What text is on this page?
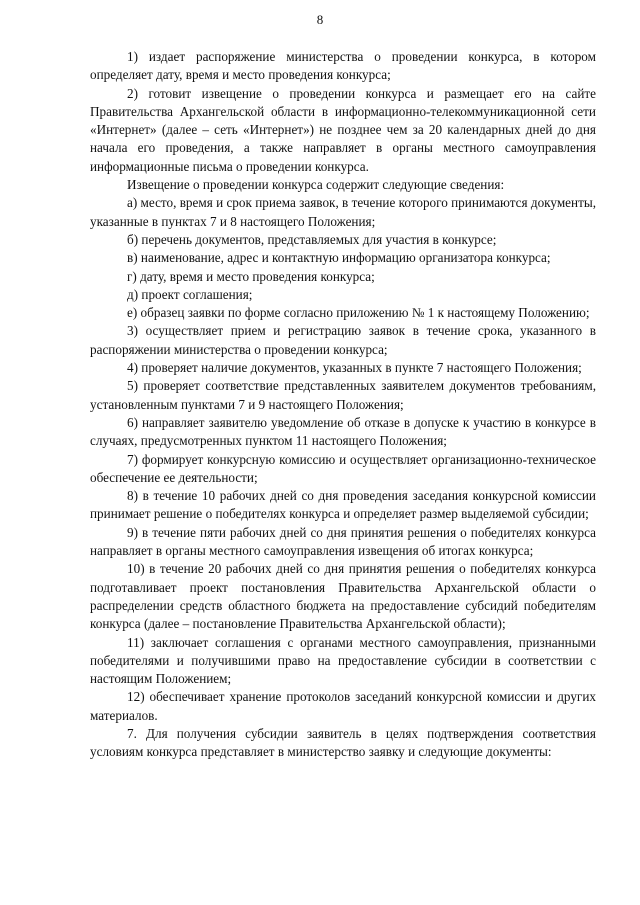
8

1) издает распоряжение министерства о проведении конкурса, в котором определяет дату, время и место проведения конкурса;

2) готовит извещение о проведении конкурса и размещает его на сайте Правительства Архангельской области в информационно-телекоммуникационной сети «Интернет» (далее – сеть «Интернет») не позднее чем за 20 календарных дней до дня начала его проведения, а также направляет в органы местного самоуправления информационные письма о проведении конкурса.

Извещение о проведении конкурса содержит следующие сведения:

а) место, время и срок приема заявок, в течение которого принимаются документы, указанные в пунктах 7 и 8 настоящего Положения;

б) перечень документов, представляемых для участия в конкурсе;

в) наименование, адрес и контактную информацию организатора конкурса;

г) дату, время и место проведения конкурса;

д) проект соглашения;

е) образец заявки по форме согласно приложению № 1 к настоящему Положению;

3) осуществляет прием и регистрацию заявок в течение срока, указанного в распоряжении министерства о проведении конкурса;

4) проверяет наличие документов, указанных в пункте 7 настоящего Положения;

5) проверяет соответствие представленных заявителем документов требованиям, установленным пунктами 7 и 9 настоящего Положения;

6) направляет заявителю уведомление об отказе в допуске к участию в конкурсе в случаях, предусмотренных пунктом 11 настоящего Положения;

7) формирует конкурсную комиссию и осуществляет организационно-техническое обеспечение ее деятельности;

8) в течение 10 рабочих дней со дня проведения заседания конкурсной комиссии принимает решение о победителях конкурса и определяет размер выделяемой субсидии;

9) в течение пяти рабочих дней со дня принятия решения о победителях конкурса направляет в органы местного самоуправления извещения об итогах конкурса;

10) в течение 20 рабочих дней со дня принятия решения о победителях конкурса подготавливает проект постановления Правительства Архангельской области о распределении средств областного бюджета на предоставление субсидий победителям конкурса (далее – постановление Правительства Архангельской области);

11) заключает соглашения с органами местного самоуправления, признанными победителями и получившими право на предоставление субсидии в соответствии с настоящим Положением;

12) обеспечивает хранение протоколов заседаний конкурсной комиссии и других материалов.

7. Для получения субсидии заявитель в целях подтверждения соответствия условиям конкурса представляет в министерство заявку и следующие документы:
